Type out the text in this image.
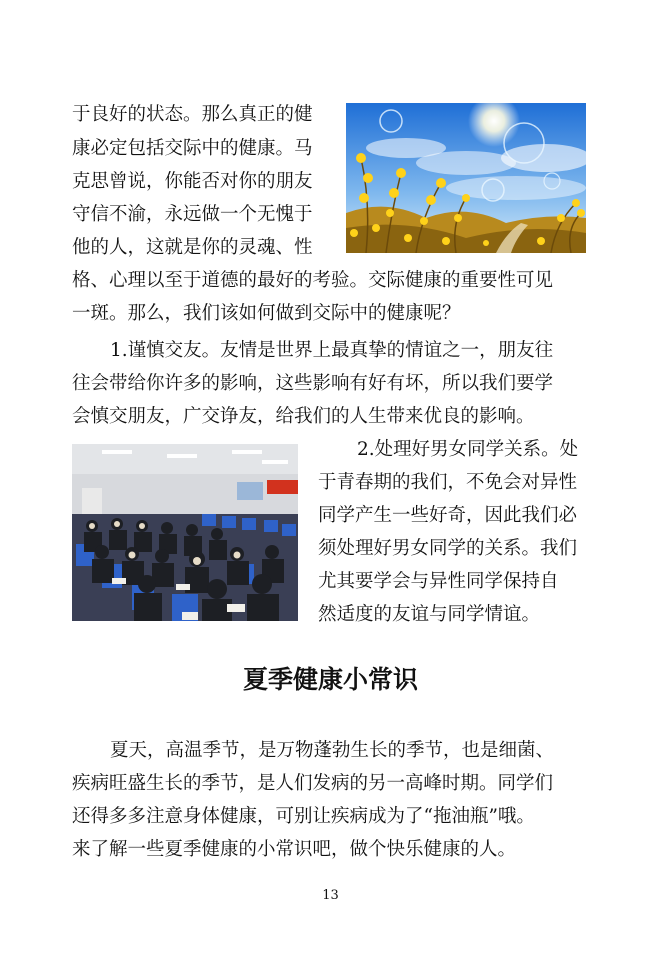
于良好的状态。那么真正的健
康必定包括交际中的健康。马
克思曾说，你能否对你的朋友
守信不渝，永远做一个无愧于
他的人，这就是你的灵魂、性
格、心理以至于道德的最好的考验。交际健康的重要性可见
一斑。那么，我们该如何做到交际中的健康呢？
1.谨慎交友。友情是世界上最真挚的情谊之一，朋友往
往会带给你许多的影响，这些影响有好有坏，所以我们要学
会慎交朋友，广交诤友，给我们的人生带来优良的影响。
2.处理好男女同学关系。处
于青春期的我们，不免会对异性
同学产生一些好奇，因此我们必
须处理好男女同学的关系。我们
尤其要学会与异性同学保持自
然适度的友谊与同学情谊。
夏季健康小常识
夏天，高温季节，是万物蓬勃生长的季节，也是细菌、
疾病旺盛生长的季节，是人们发病的另一高峰时期。同学们
还得多多注意身体健康，可别让疾病成为了“拖油瓶”哦。
来了解一些夏季健康的小常识吧，做个快乐健康的人。
13
